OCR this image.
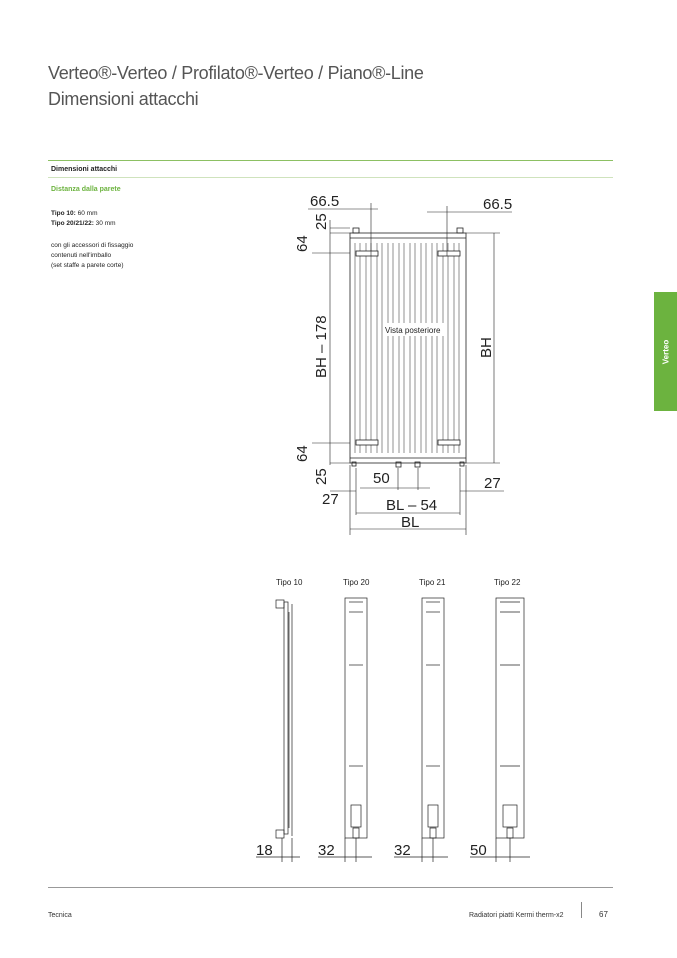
Verteo®-Verteo / Profilato®-Verteo / Piano®-Line
Dimensioni attacchi
Dimensioni attacchi
Distanza dalla parete
Tipo 10: 60 mm
Tipo 20/21/22: 30 mm
con gli accessori di fissaggio
contenuti nell'imballo
(set staffe a parete corte)
Verteo
66.5	66.5
25
64
BH – 178	BH
64
25	50
27
27
BL – 54
BL
Vista posteriore
Tipo 10	Tipo 20	Tipo 21	Tipo 22
18	32	32	50
Tecnica	Radiatori piatti Kermi therm-x2	67
